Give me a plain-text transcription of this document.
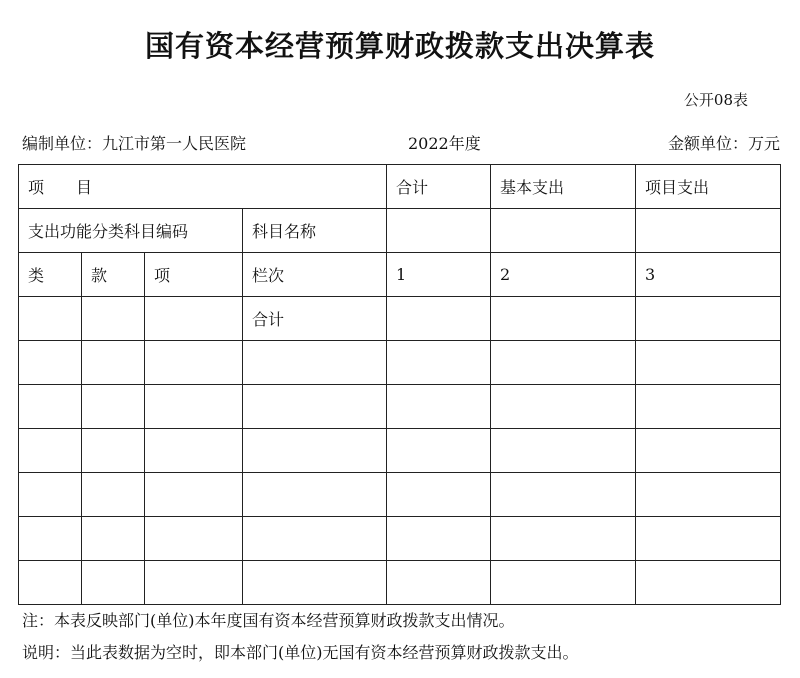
国有资本经营预算财政拨款支出决算表
公开08表
编制单位：九江市第一人民医院	2022年度	金额单位：万元
项　　目				合计	基本支出	项目支出
支出功能分类科目编码			科目名称			
类	款	项	栏次	1	2	3
			合计			

注：本表反映部门(单位)本年度国有资本经营预算财政拨款支出情况。
说明：当此表数据为空时，即本部门(单位)无国有资本经营预算财政拨款支出。
